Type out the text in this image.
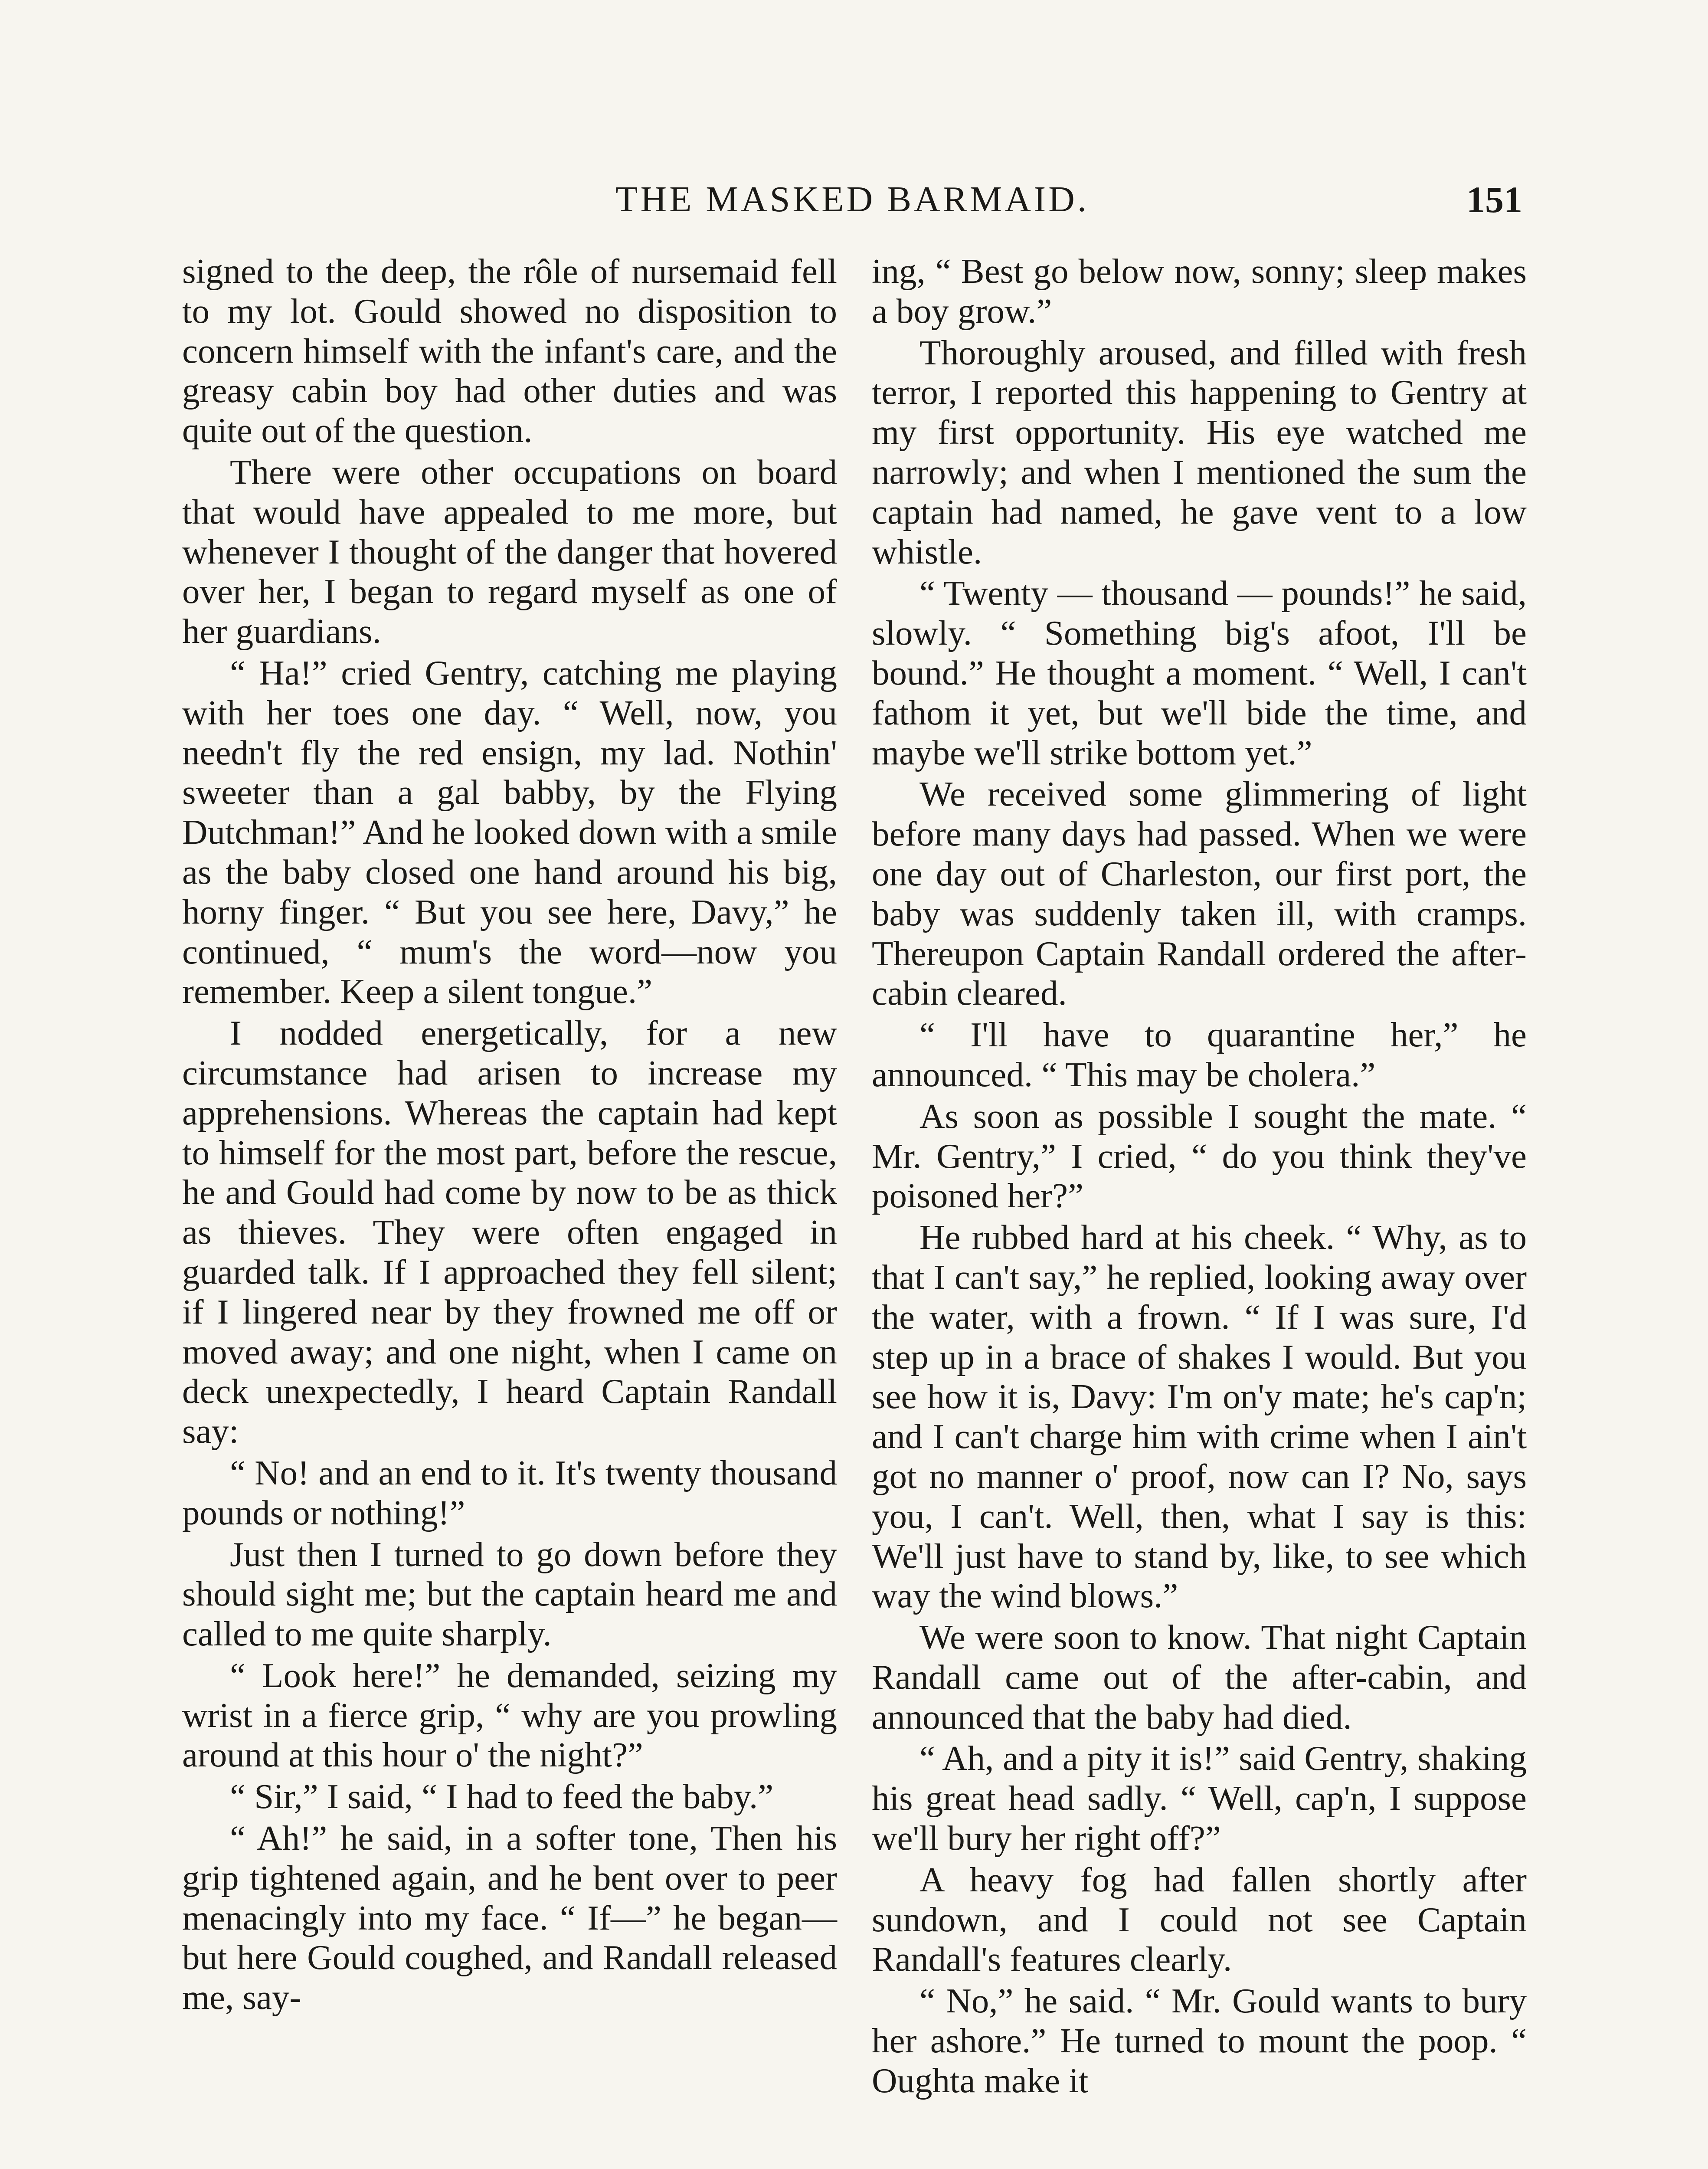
THE MASKED BARMAID.	151

signed to the deep, the rôle of nursemaid fell to my lot. Gould showed no disposition to concern himself with the infant's care, and the greasy cabin boy had other duties and was quite out of the question.

There were other occupations on board that would have appealed to me more, but whenever I thought of the danger that hovered over her, I began to regard myself as one of her guardians.

“ Ha!” cried Gentry, catching me playing with her toes one day. “ Well, now, you needn't fly the red ensign, my lad. Nothin' sweeter than a gal babby, by the Flying Dutchman!” And he looked down with a smile as the baby closed one hand around his big, horny finger. “ But you see here, Davy,” he continued, “ mum's the word—now you remember. Keep a silent tongue.”

I nodded energetically, for a new circumstance had arisen to increase my apprehensions. Whereas the captain had kept to himself for the most part, before the rescue, he and Gould had come by now to be as thick as thieves. They were often engaged in guarded talk. If I approached they fell silent; if I lingered near by they frowned me off or moved away; and one night, when I came on deck unexpectedly, I heard Captain Randall say:

“ No! and an end to it. It's twenty thousand pounds or nothing!”

Just then I turned to go down before they should sight me; but the captain heard me and called to me quite sharply.

“ Look here!” he demanded, seizing my wrist in a fierce grip, “ why are you prowling around at this hour o' the night?”

“ Sir,” I said, “ I had to feed the baby.”

“ Ah!” he said, in a softer tone, Then his grip tightened again, and he bent over to peer menacingly into my face. “ If—” he began—but here Gould coughed, and Randall released me, say-

ing, “ Best go below now, sonny; sleep makes a boy grow.”

Thoroughly aroused, and filled with fresh terror, I reported this happening to Gentry at my first opportunity. His eye watched me narrowly; and when I mentioned the sum the captain had named, he gave vent to a low whistle.

“ Twenty — thousand — pounds!” he said, slowly. “ Something big's afoot, I'll be bound.” He thought a moment. “ Well, I can't fathom it yet, but we'll bide the time, and maybe we'll strike bottom yet.”

We received some glimmering of light before many days had passed. When we were one day out of Charleston, our first port, the baby was suddenly taken ill, with cramps. Thereupon Captain Randall ordered the after-cabin cleared.

“ I'll have to quarantine her,” he announced. “ This may be cholera.”

As soon as possible I sought the mate. “ Mr. Gentry,” I cried, “ do you think they've poisoned her?”

He rubbed hard at his cheek. “ Why, as to that I can't say,” he replied, looking away over the water, with a frown. “ If I was sure, I'd step up in a brace of shakes I would. But you see how it is, Davy: I'm on'y mate; he's cap'n; and I can't charge him with crime when I ain't got no manner o' proof, now can I? No, says you, I can't. Well, then, what I say is this: We'll just have to stand by, like, to see which way the wind blows.”

We were soon to know. That night Captain Randall came out of the after-cabin, and announced that the baby had died.

“ Ah, and a pity it is!” said Gentry, shaking his great head sadly. “ Well, cap'n, I suppose we'll bury her right off?”

A heavy fog had fallen shortly after sundown, and I could not see Captain Randall's features clearly.

“ No,” he said. “ Mr. Gould wants to bury her ashore.” He turned to mount the poop. “ Oughta make it
